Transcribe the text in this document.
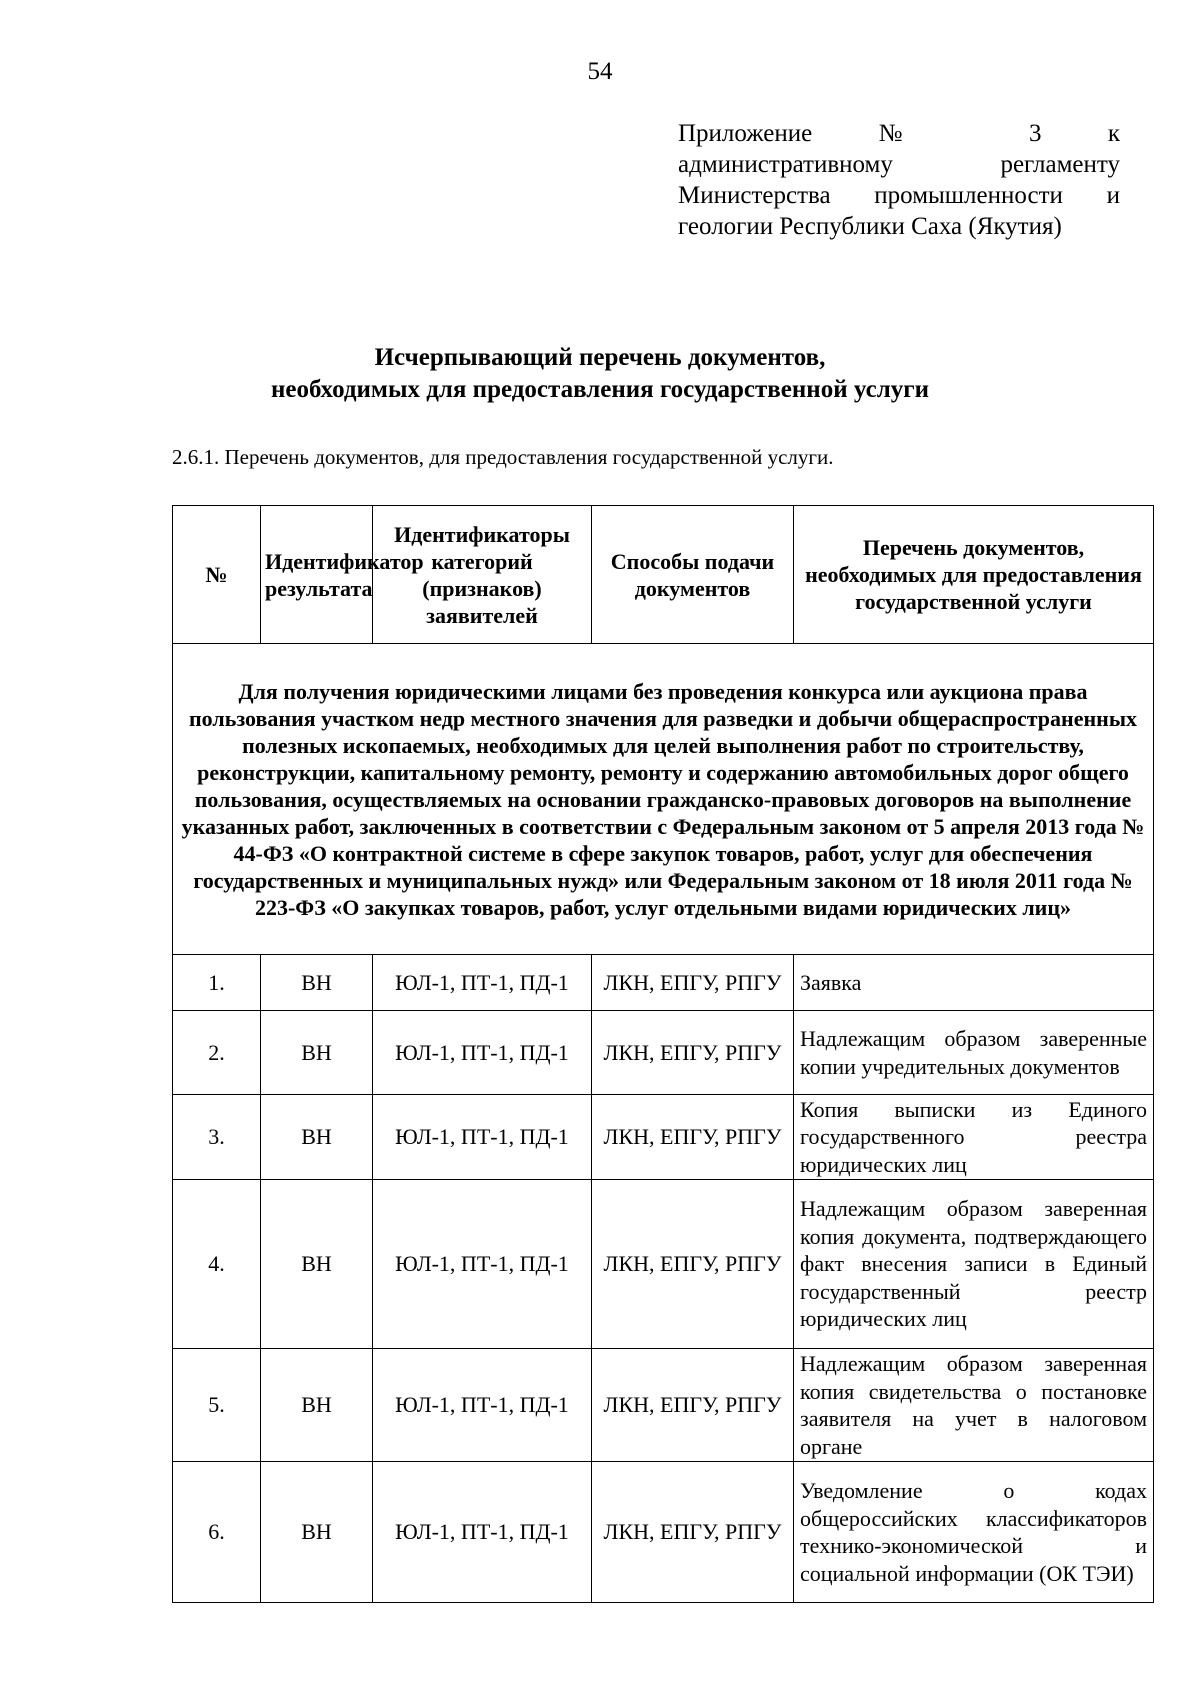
54
Приложение № 3 к
административному регламенту
Министерства промышленности и
геологии Республики Саха (Якутия)
Исчерпывающий перечень документов,
необходимых для предоставления государственной услуги
2.6.1. Перечень документов, для предоставления государственной услуги.
№	Идентификатор результата	Идентификаторы категорий (признаков) заявителей	Способы подачи документов	Перечень документов, необходимых для предоставления государственной услуги
Для получения юридическими лицами без проведения конкурса или аукциона права пользования участком недр местного значения для разведки и добычи общераспространенных полезных ископаемых, необходимых для целей выполнения работ по строительству, реконструкции, капитальному ремонту, ремонту и содержанию автомобильных дорог общего пользования, осуществляемых на основании гражданско-правовых договоров на выполнение указанных работ, заключенных в соответствии с Федеральным законом от 5 апреля 2013 года № 44-ФЗ «О контрактной системе в сфере закупок товаров, работ, услуг для обеспечения государственных и муниципальных нужд» или Федеральным законом от 18 июля 2011 года № 223-ФЗ «О закупках товаров, работ, услуг отдельными видами юридических лиц»				
1.	ВН	ЮЛ-1, ПТ-1, ПД-1	ЛКН, ЕПГУ, РПГУ	Заявка
2.	ВН	ЮЛ-1, ПТ-1, ПД-1	ЛКН, ЕПГУ, РПГУ	Надлежащим образом заверенные копии учредительных документов
3.	ВН	ЮЛ-1, ПТ-1, ПД-1	ЛКН, ЕПГУ, РПГУ	Копия выписки из Единого государственного реестра юридических лиц
4.	ВН	ЮЛ-1, ПТ-1, ПД-1	ЛКН, ЕПГУ, РПГУ	Надлежащим образом заверенная копия документа, подтверждающего факт внесения записи в Единый государственный реестр юридических лиц
5.	ВН	ЮЛ-1, ПТ-1, ПД-1	ЛКН, ЕПГУ, РПГУ	Надлежащим образом заверенная копия свидетельства о постановке заявителя на учет в налоговом органе
6.	ВН	ЮЛ-1, ПТ-1, ПД-1	ЛКН, ЕПГУ, РПГУ	Уведомление о кодах общероссийских классификаторов технико-экономической и социальной информации (ОК ТЭИ)
